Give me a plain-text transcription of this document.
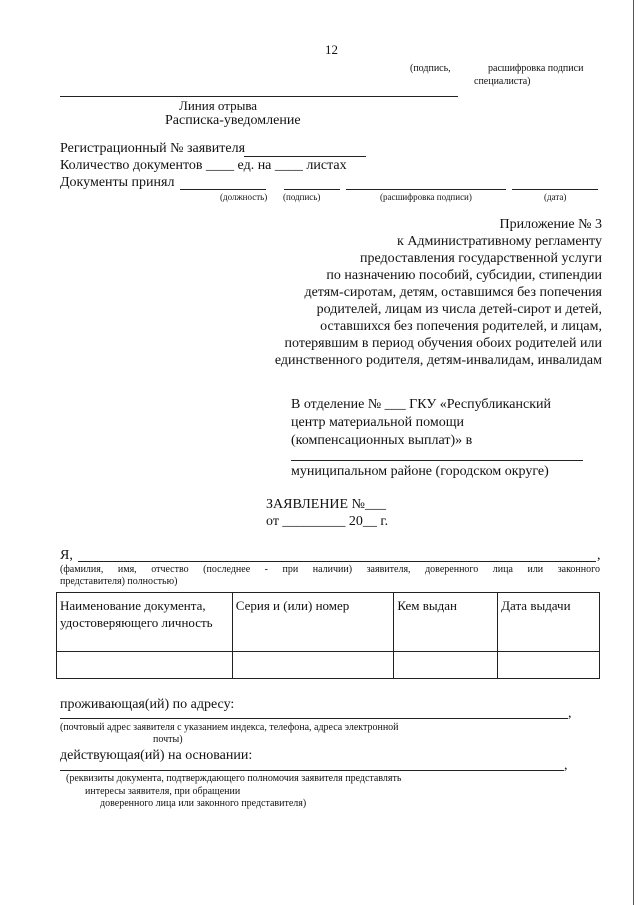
12
(подпись,	расшифровка подписи
специалиста)
Линия отрыва
Расписка-уведомление
Регистрационный № заявителя
Количество документов ____ ед. на ____ листах
Документы принял
(должность) (подпись)	(расшифровка подписи)	(дата)
Приложение № 3
к Административному регламенту
предоставления государственной услуги
по назначению пособий, субсидии, стипендии
детям-сиротам, детям, оставшимся без попечения
родителей, лицам из числа детей-сирот и детей,
оставшихся без попечения родителей, и лицам,
потерявшим в период обучения обоих родителей или
единственного родителя, детям-инвалидам, инвалидам
В отделение № ___ ГКУ «Республиканский
центр материальной помощи
(компенсационных выплат)» в
муниципальном районе (городском округе)
ЗАЯВЛЕНИЕ №___
от _________ 20__ г.
Я,	,
(фамилия, имя, отчество (последнее - при наличии) заявителя, доверенного лица или законного
представителя) полностью)
Наименование документа, удостоверяющего личность	Серия и (или) номер	Кем выдан	Дата выдачи

проживающая(ий) по адресу:
,
(почтовый адрес заявителя с указанием индекса, телефона, адреса электронной
почты)
действующая(ий) на основании:
,
(реквизиты документа, подтверждающего полномочия заявителя представлять
интересы заявителя, при обращении
доверенного лица или законного представителя)
